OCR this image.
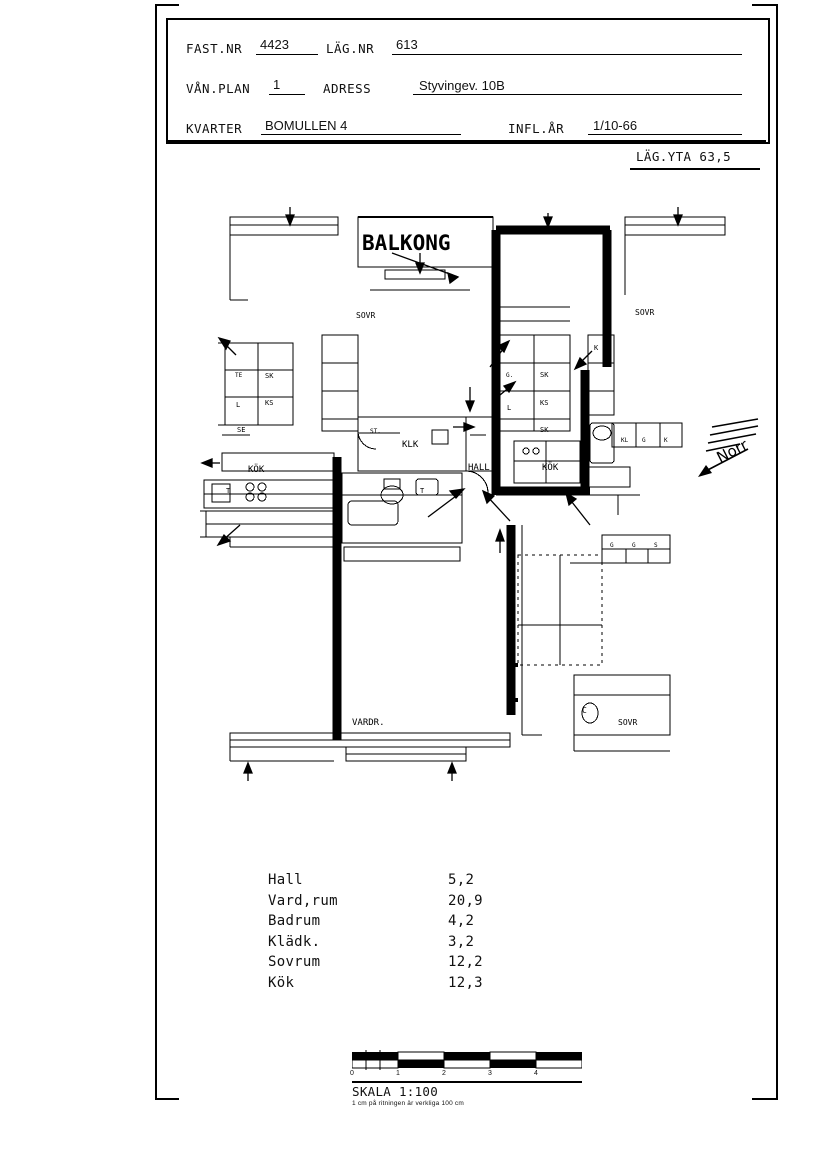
FAST.NR 4423	LÄG.NR 613
VÅN.PLAN 1	ADRESS	Styvingev. 10B
KVARTER BOMULLEN 4	INFL.ÅR 1/10-66
LÄG.YTA 63,5
BALKONG
SOVR	SOVR
KÖK
KLK
HALL	KÖK
VARDR.	SOVR
SK
KS
TE
L
SE
SK
KS
SK
G.
L
ST.
K
KL G	K
G	G	S
T	T
C
Norr
Hall	5,2
Vard,rum	20,9
Badrum	4,2
Klädk.	3,2
Sovrum	12,2
Kök	12,3
0	1	2	3	4
SKALA 1:100
1 cm på ritningen är verkliga 100 cm
